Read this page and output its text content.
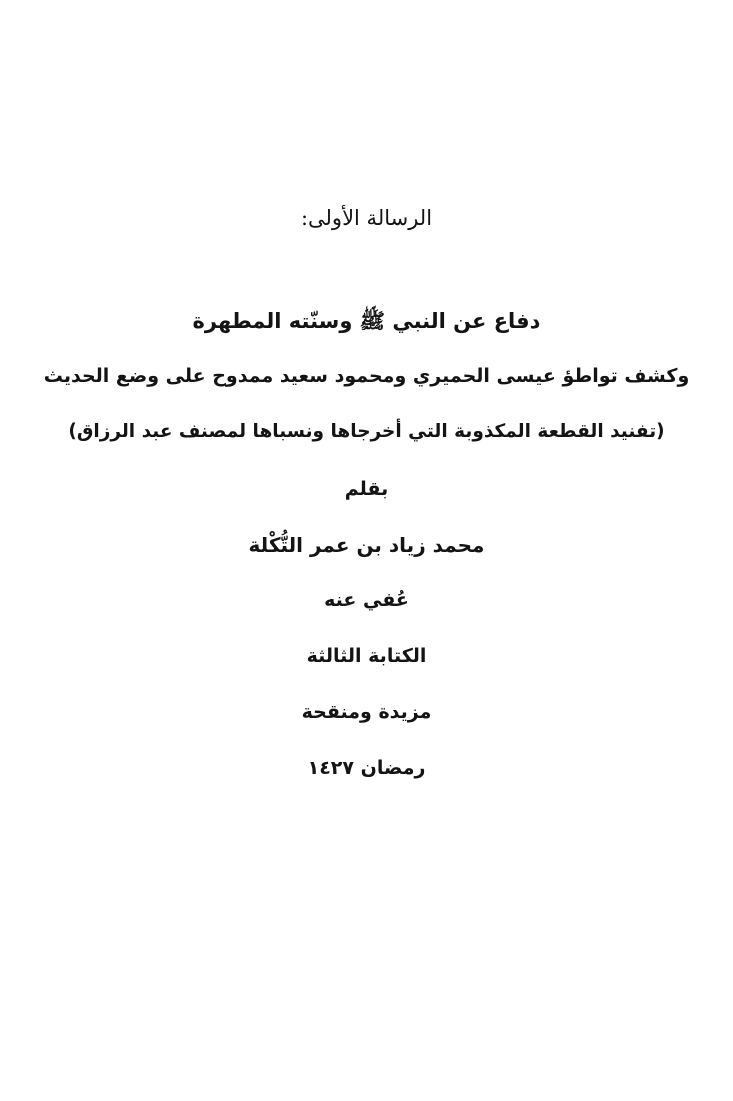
الرسالة الأولى:
دفاع عن النبي ﷺ وسنّته المطهرة
وكشف تواطؤ عيسى الحميري ومحمود سعيد ممدوح على وضع الحديث
(تفنيد القطعة المكذوبة التي أخرجاها ونسباها لمصنف عبد الرزاق)
بقلم
محمد زياد بن عمر التُّكْلة
عُفي عنه
الكتابة الثالثة
مزيدة ومنقحة
رمضان ١٤٢٧
